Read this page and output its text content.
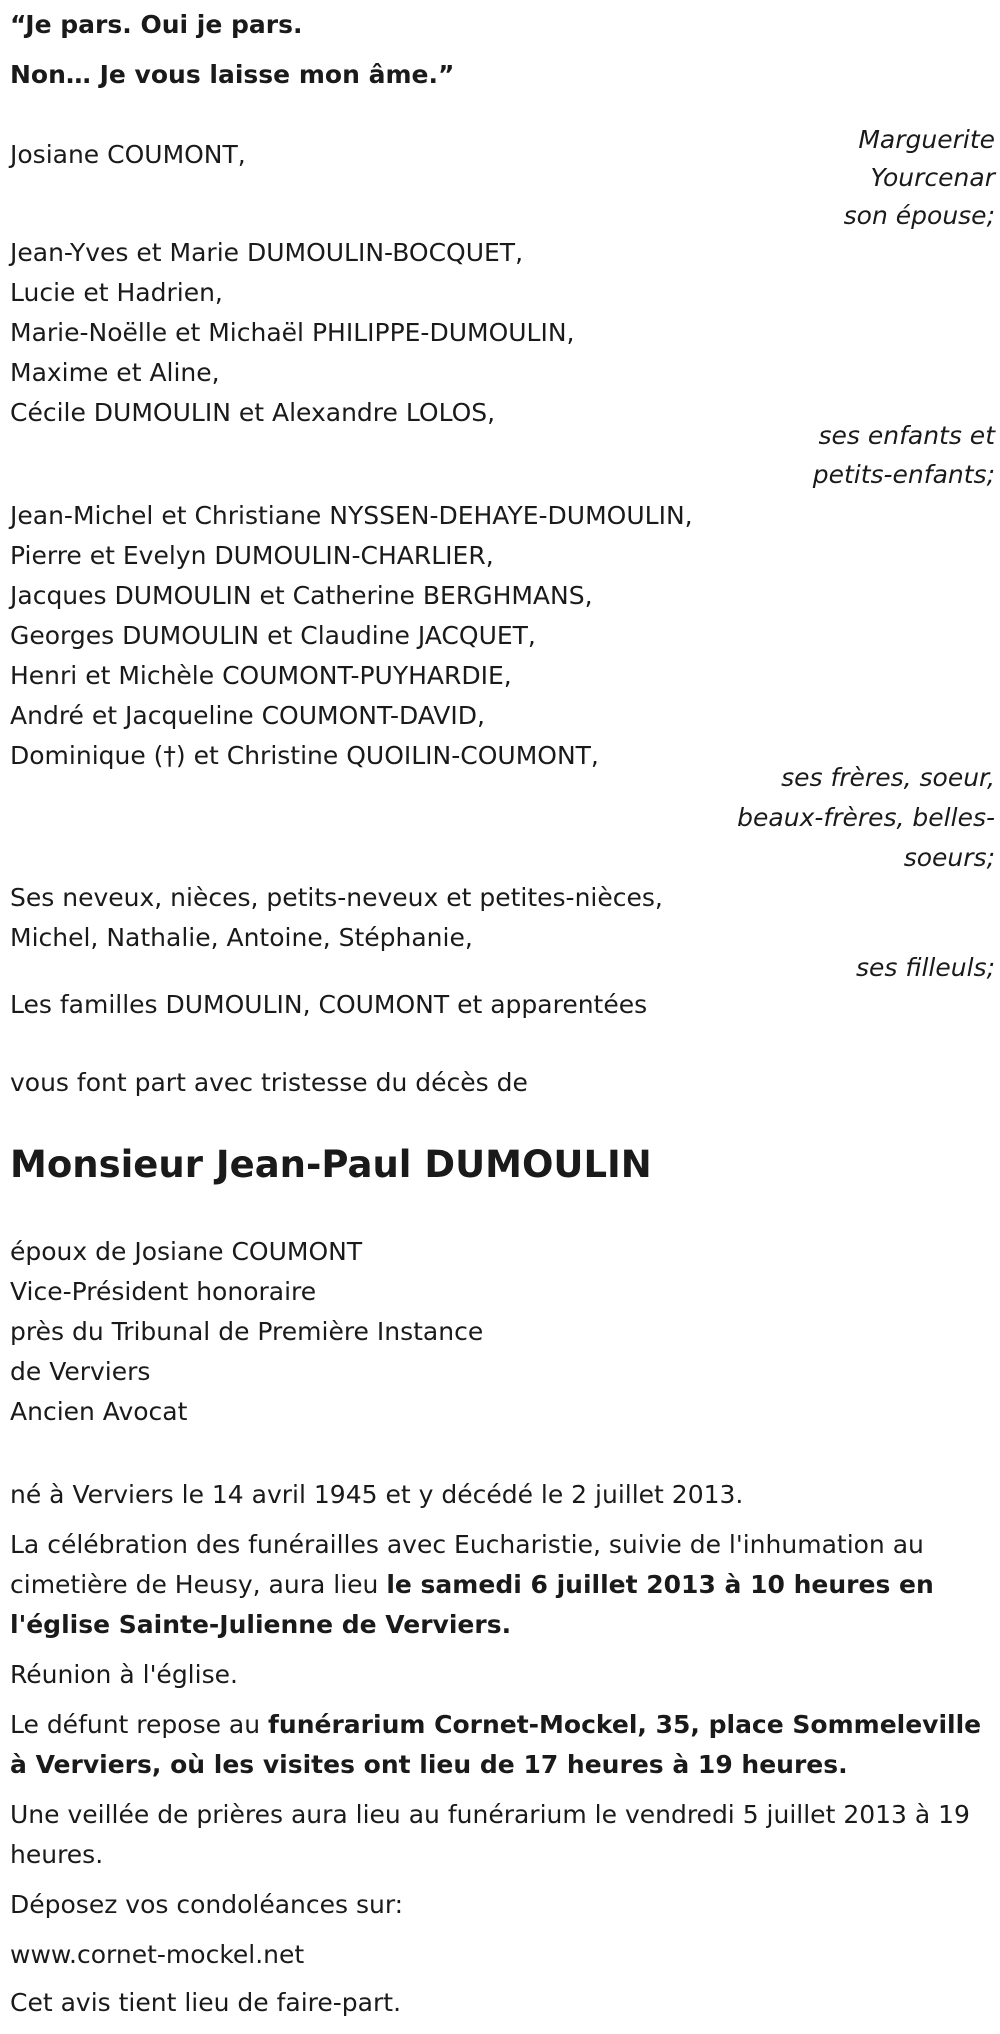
“Je pars. Oui je pars.
Non… Je vous laisse mon âme.”
Marguerite
Yourcenar
Josiane COUMONT,
son épouse;
Jean-Yves et Marie DUMOULIN-BOCQUET,
Lucie et Hadrien,
Marie-Noëlle et Michaël PHILIPPE-DUMOULIN,
Maxime et Aline,
Cécile DUMOULIN et Alexandre LOLOS,
ses enfants et
petits-enfants;
Jean-Michel et Christiane NYSSEN-DEHAYE-DUMOULIN,
Pierre et Evelyn DUMOULIN-CHARLIER,
Jacques DUMOULIN et Catherine BERGHMANS,
Georges DUMOULIN et Claudine JACQUET,
Henri et Michèle COUMONT-PUYHARDIE,
André et Jacqueline COUMONT-DAVID,
Dominique (†) et Christine QUOILIN-COUMONT,
ses frères, soeur,
beaux-frères, belles-
soeurs;
Ses neveux, nièces, petits-neveux et petites-nièces,
Michel, Nathalie, Antoine, Stéphanie,
ses filleuls;
Les familles DUMOULIN, COUMONT et apparentées
vous font part avec tristesse du décès de
Monsieur Jean-Paul DUMOULIN
époux de Josiane COUMONT
Vice-Président honoraire
près du Tribunal de Première Instance
de Verviers
Ancien Avocat
né à Verviers le 14 avril 1945 et y décédé le 2 juillet 2013.
La célébration des funérailles avec Eucharistie, suivie de l'inhumation au cimetière de Heusy, aura lieu le samedi 6 juillet 2013 à 10 heures en l'église Sainte-Julienne de Verviers.
Réunion à l'église.
Le défunt repose au funérarium Cornet-Mockel, 35, place Sommeleville à Verviers, où les visites ont lieu de 17 heures à 19 heures.
Une veillée de prières aura lieu au funérarium le vendredi 5 juillet 2013 à 19 heures.
Déposez vos condoléances sur:
www.cornet-mockel.net
Cet avis tient lieu de faire-part.
